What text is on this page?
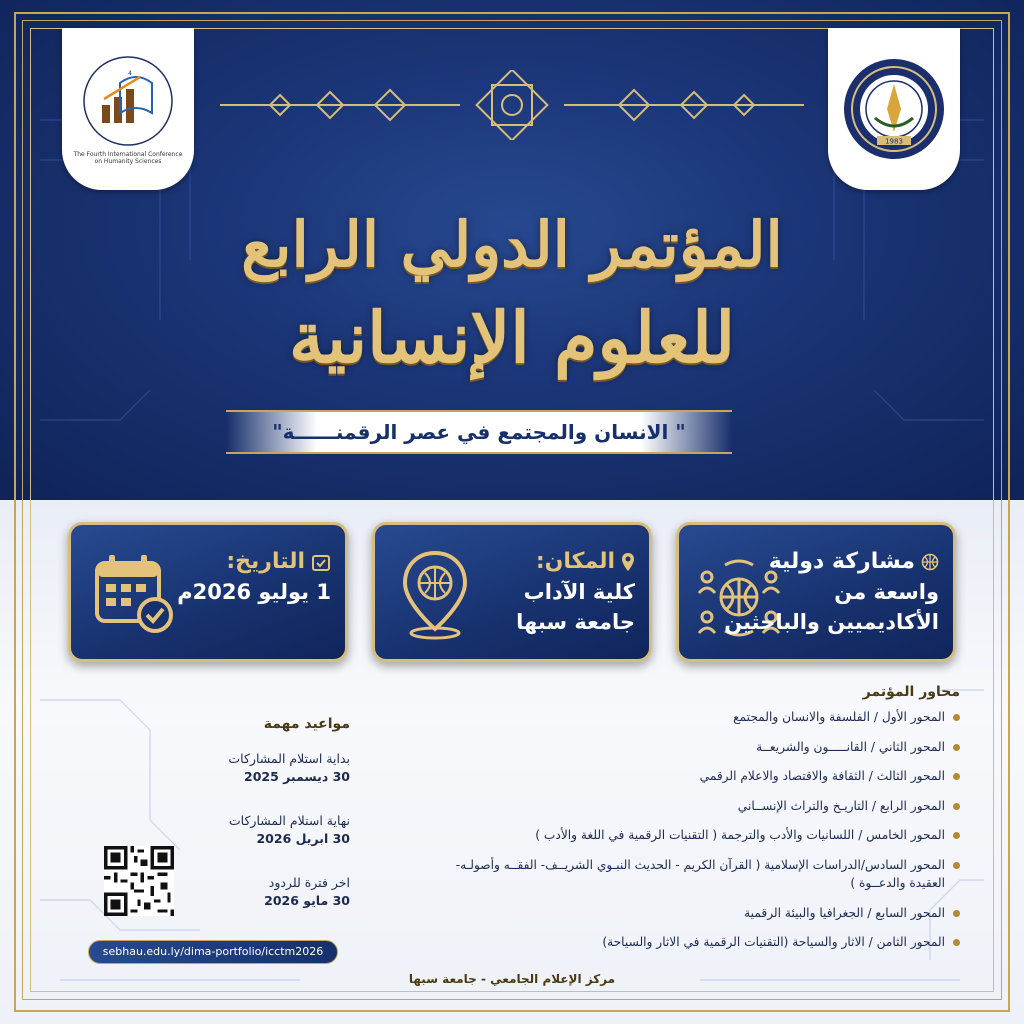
4
The Fourth International Conference on Humanity Sciences
1983
المؤتمر الدولي الرابع
للعلوم الإنسانية
" الانسان والمجتمع في عصر الرقمنــــــة"
التاريخ:
1 يوليو 2026م
المكان:
كلية الآداب
جامعة سبها
مشاركة دولية
واسعة من
الأكاديميين والباحثين
محاور المؤتمر
المحور الأول / الفلسفة والانسان والمجتمع
المحور الثاني / القانـــــون والشريعــة
المحور الثالث / الثقافة والاقتصاد والاعلام الرقمي
المحور الرابع / التاريـخ والتراث الإنســاني
المحور الخامس / اللسانيات والأدب والترجمة ( التقنيات الرقمية في اللغة والأدب )
المحور السادس/الدراسات الإسلامية ( القرآن الكريم - الحديث النبـوي الشريــف- الفقــه وأصولـه- العقيدة والدعــوة )
المحور السابع / الجغرافيا والبيئة الرقمية
المحور الثامن / الاثار والسياحة (التقنيات الرقمية في الاثار والسياحة)
مواعيد مهمة
بداية استلام المشاركات
30 ديسمبر 2025
نهاية استلام المشاركات
30 ابريل 2026
اخر فترة للردود
30 مايو 2026
sebhau.edu.ly/dima-portfolio/icctm2026
مركز الإعلام الجامعي - جامعة سبها
